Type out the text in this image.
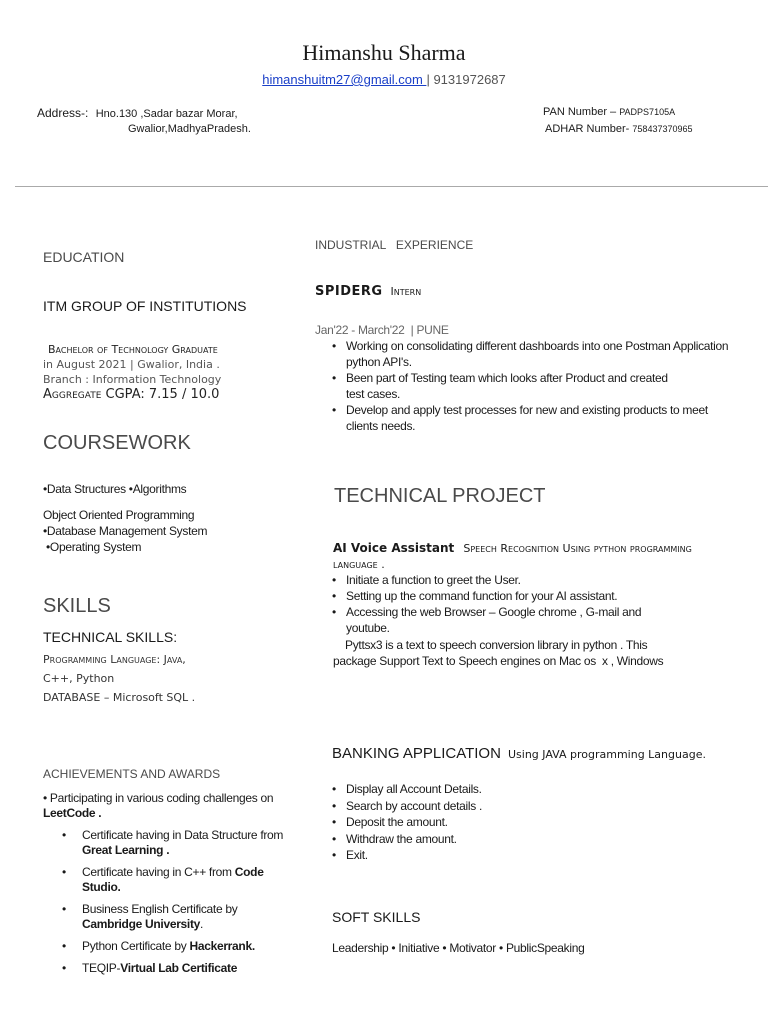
Himanshu Sharma
himanshuitm27@gmail.com | 9131972687
Address-: Hno.130 ,Sadar bazar Morar,
Gwalior,MadhyaPradesh.
PAN Number – PADPS7105A
ADHAR Number- 758437370965
EDUCATION
ITM GROUP OF INSTITUTIONS
Bachelor of Technology Graduate
in August 2021 | Gwalior, India .
Branch : Information Technology
Aggregate CGPA: 7.15 / 10.0
COURSEWORK
•Data Structures •Algorithms
Object Oriented Programming
•Database Management System
•Operating System
SKILLS
TECHNICAL SKILLS:
Programming Language: Java,
C++, Python
DATABASE – Microsoft SQL .
ACHIEVEMENTS AND AWARDS
• Participating in various coding challenges on LeetCode .
• Certificate having in Data Structure from Great Learning .
• Certificate having in C++ from Code Studio.
• Business English Certificate by Cambridge University.
• Python Certificate by Hackerrank.
• TEQIP-Virtual Lab Certificate
INDUSTRIAL   EXPERIENCE
SPIDERG Intern
Jan'22 - March'22  | PUNE
• Working on consolidating different dashboards into one Postman Application python API's.
• Been part of Testing team which looks after Product and created test cases.
• Develop and apply test processes for new and existing products to meet clients needs.
TECHNICAL PROJECT
AI Voice Assistant Speech Recognition Using python programming language .
• Initiate a function to greet the User.
• Setting up the command function for your AI assistant.
• Accessing the web Browser – Google chrome , G-mail and youtube.
Pyttsx3 is a text to speech conversion library in python . This
package Support Text to Speech engines on Mac os  x , Windows
BANKING APPLICATION Using JAVA programming Language.
• Display all Account Details.
• Search by account details .
• Deposit the amount.
• Withdraw the amount.
• Exit.
SOFT SKILLS
Leadership • Initiative • Motivator • PublicSpeaking
